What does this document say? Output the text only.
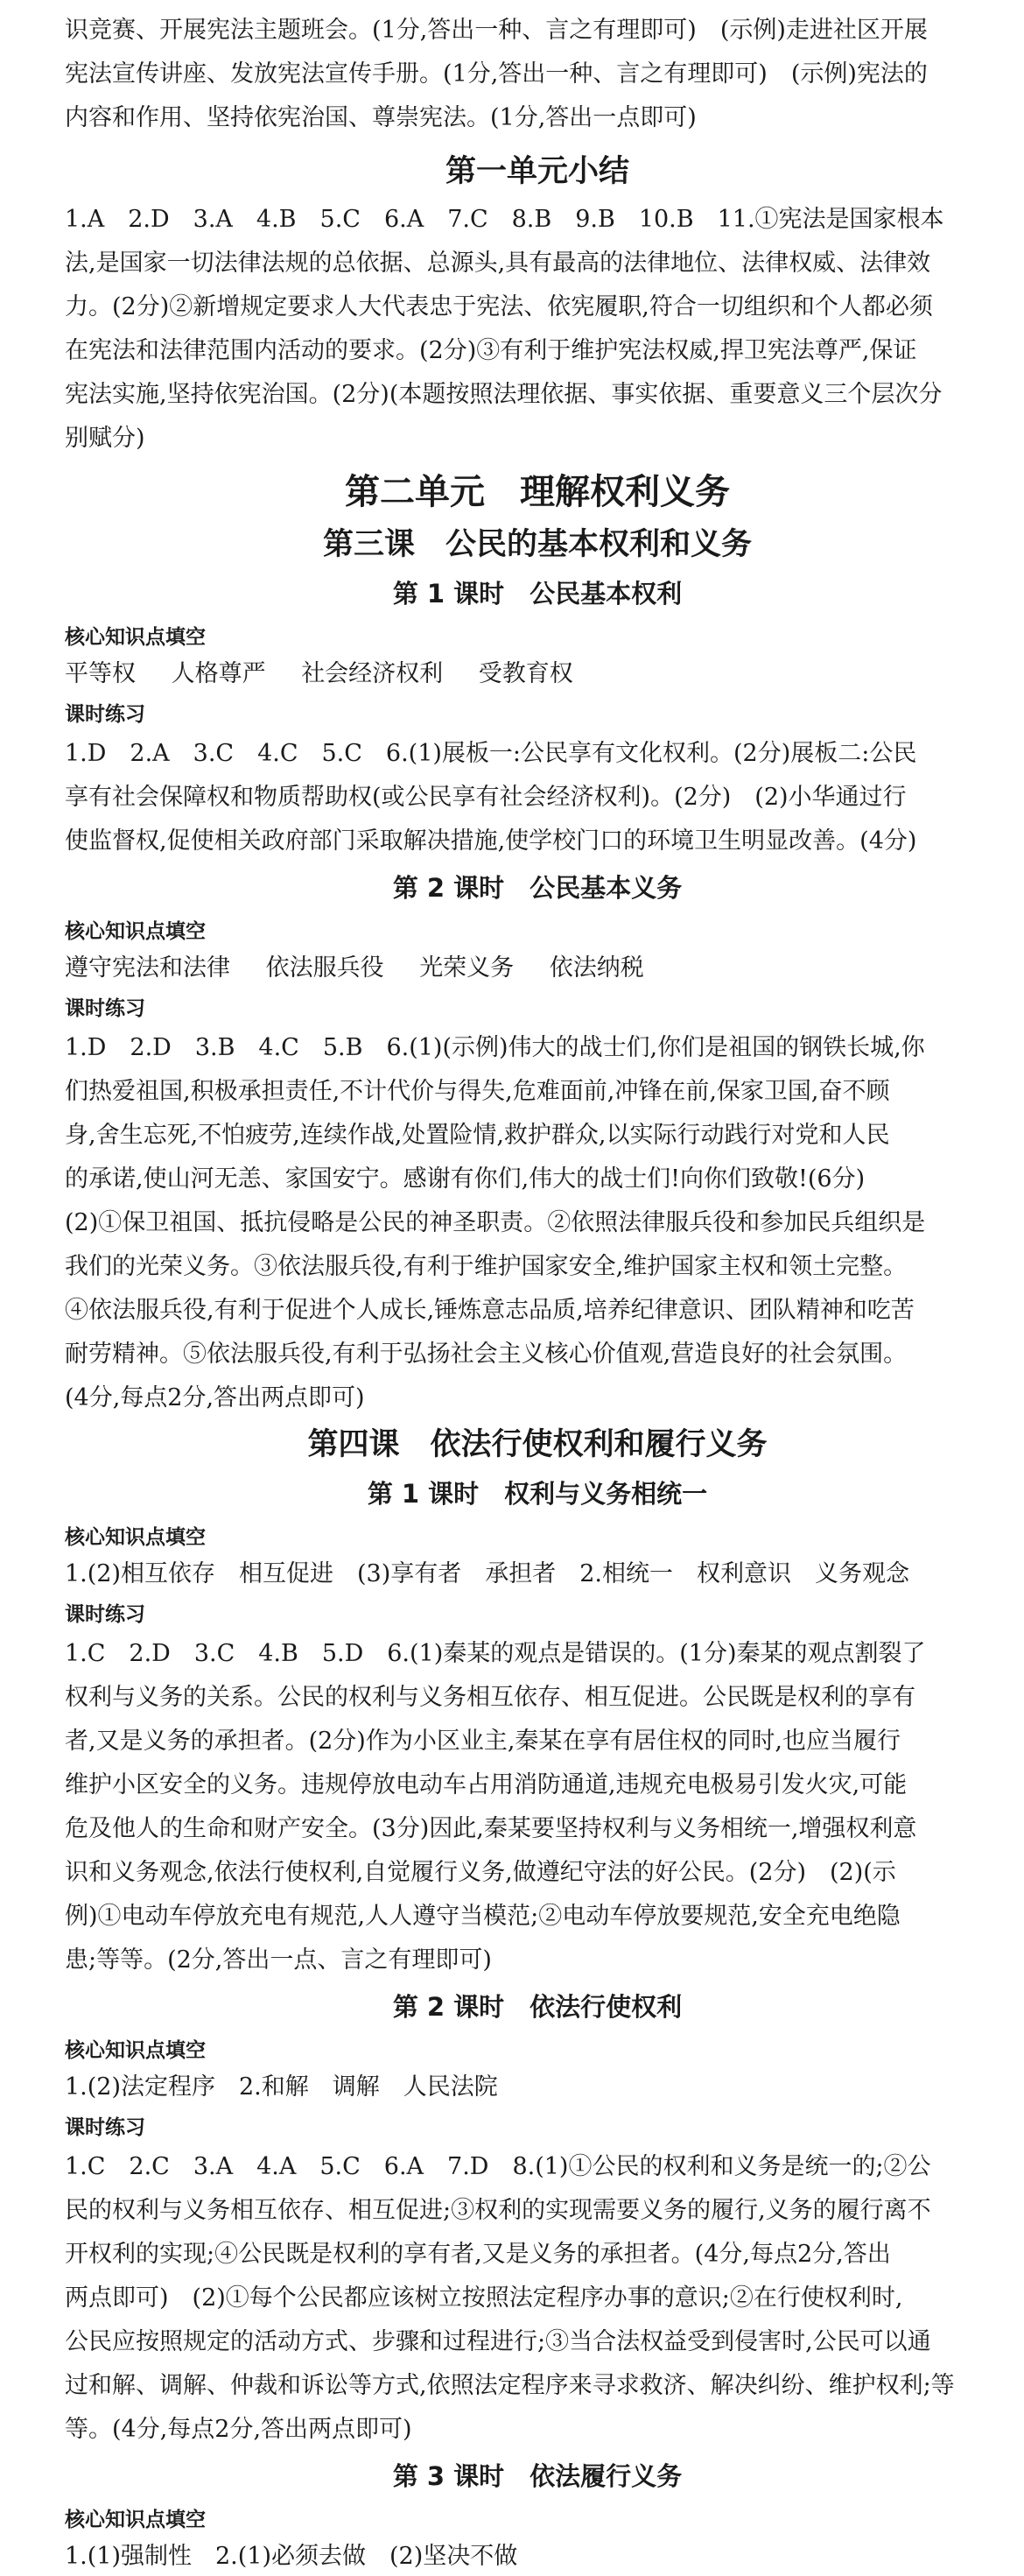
识竞赛、开展宪法主题班会。(1分,答出一种、言之有理即可)　(示例)走进社区开展

宪法宣传讲座、发放宪法宣传手册。(1分,答出一种、言之有理即可)　(示例)宪法的

内容和作用、坚持依宪治国、尊崇宪法。(1分,答出一点即可)

第一单元小结

1.A　2.D　3.A　4.B　5.C　6.A　7.C　8.B　9.B　10.B　11.①宪法是国家根本

法,是国家一切法律法规的总依据、总源头,具有最高的法律地位、法律权威、法律效

力。(2分)②新增规定要求人大代表忠于宪法、依宪履职,符合一切组织和个人都必须

在宪法和法律范围内活动的要求。(2分)③有利于维护宪法权威,捍卫宪法尊严,保证

宪法实施,坚持依宪治国。(2分)(本题按照法理依据、事实依据、重要意义三个层次分

别赋分)

第二单元　理解权利义务
第三课　公民的基本权利和义务
第 1 课时　公民基本权利
核心知识点填空

平等权 人格尊严 社会经济权利 受教育权

课时练习

1.D　2.A　3.C　4.C　5.C　6.(1)展板一:公民享有文化权利。(2分)展板二:公民

享有社会保障权和物质帮助权(或公民享有社会经济权利)。(2分)　(2)小华通过行

使监督权,促使相关政府部门采取解决措施,使学校门口的环境卫生明显改善。(4分)

第 2 课时　公民基本义务
核心知识点填空

遵守宪法和法律 依法服兵役 光荣义务 依法纳税

课时练习

1.D　2.D　3.B　4.C　5.B　6.(1)(示例)伟大的战士们,你们是祖国的钢铁长城,你

们热爱祖国,积极承担责任,不计代价与得失,危难面前,冲锋在前,保家卫国,奋不顾

身,舍生忘死,不怕疲劳,连续作战,处置险情,救护群众,以实际行动践行对党和人民

的承诺,使山河无恙、家国安宁。感谢有你们,伟大的战士们!向你们致敬!(6分)

(2)①保卫祖国、抵抗侵略是公民的神圣职责。②依照法律服兵役和参加民兵组织是

我们的光荣义务。③依法服兵役,有利于维护国家安全,维护国家主权和领土完整。

④依法服兵役,有利于促进个人成长,锤炼意志品质,培养纪律意识、团队精神和吃苦

耐劳精神。⑤依法服兵役,有利于弘扬社会主义核心价值观,营造良好的社会氛围。

(4分,每点2分,答出两点即可)

第四课　依法行使权利和履行义务
第 1 课时　权利与义务相统一
核心知识点填空

1.(2)相互依存　相互促进　(3)享有者　承担者　2.相统一　权利意识　义务观念

课时练习

1.C　2.D　3.C　4.B　5.D　6.(1)秦某的观点是错误的。(1分)秦某的观点割裂了

权利与义务的关系。公民的权利与义务相互依存、相互促进。公民既是权利的享有

者,又是义务的承担者。(2分)作为小区业主,秦某在享有居住权的同时,也应当履行

维护小区安全的义务。违规停放电动车占用消防通道,违规充电极易引发火灾,可能

危及他人的生命和财产安全。(3分)因此,秦某要坚持权利与义务相统一,增强权利意

识和义务观念,依法行使权利,自觉履行义务,做遵纪守法的好公民。(2分)　(2)(示

例)①电动车停放充电有规范,人人遵守当模范;②电动车停放要规范,安全充电绝隐

患;等等。(2分,答出一点、言之有理即可)

第 2 课时　依法行使权利
核心知识点填空

1.(2)法定程序　2.和解　调解　人民法院

课时练习

1.C　2.C　3.A　4.A　5.C　6.A　7.D　8.(1)①公民的权利和义务是统一的;②公

民的权利与义务相互依存、相互促进;③权利的实现需要义务的履行,义务的履行离不

开权利的实现;④公民既是权利的享有者,又是义务的承担者。(4分,每点2分,答出

两点即可)　(2)①每个公民都应该树立按照法定程序办事的意识;②在行使权利时,

公民应按照规定的活动方式、步骤和过程进行;③当合法权益受到侵害时,公民可以通

过和解、调解、仲裁和诉讼等方式,依照法定程序来寻求救济、解决纠纷、维护权利;等

等。(4分,每点2分,答出两点即可)

第 3 课时　依法履行义务
核心知识点填空

1.(1)强制性　2.(1)必须去做　(2)坚决不做
